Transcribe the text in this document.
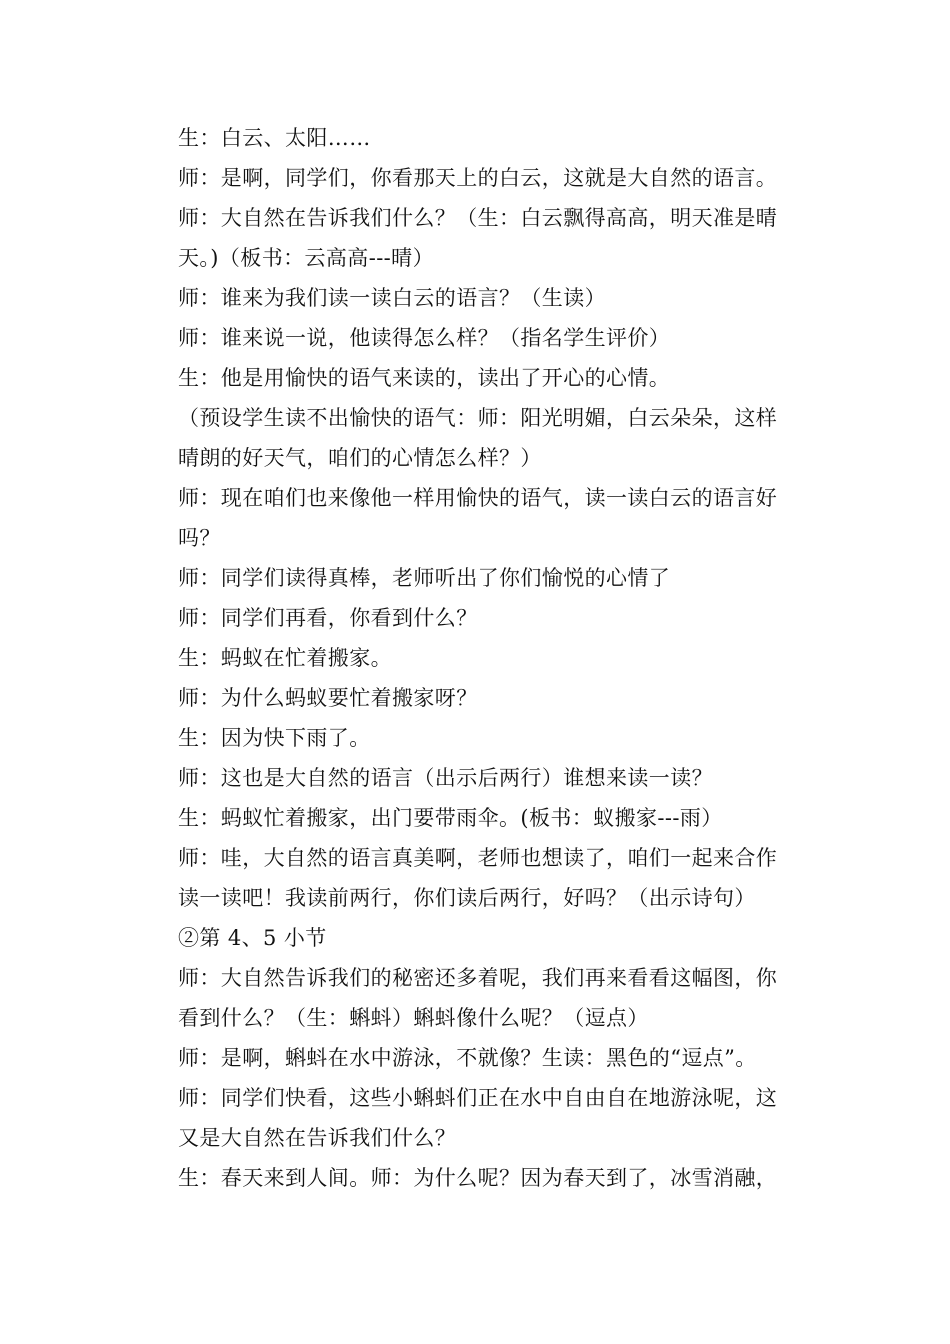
生：白云、太阳……
师：是啊，同学们，你看那天上的白云，这就是大自然的语言。
师：大自然在告诉我们什么？（生：白云飘得高高，明天准是晴
天。)（板书：云高高---晴）
师：谁来为我们读一读白云的语言？（生读）
师：谁来说一说，他读得怎么样？（指名学生评价）
生：他是用愉快的语气来读的，读出了开心的心情。
（预设学生读不出愉快的语气：师：阳光明媚，白云朵朵，这样
晴朗的好天气，咱们的心情怎么样？）
师：现在咱们也来像他一样用愉快的语气，读一读白云的语言好
吗？
师：同学们读得真棒，老师听出了你们愉悦的心情了
师：同学们再看，你看到什么？
生：蚂蚁在忙着搬家。
师：为什么蚂蚁要忙着搬家呀？
生：因为快下雨了。
师：这也是大自然的语言（出示后两行）谁想来读一读？
生：蚂蚁忙着搬家，出门要带雨伞。(板书：蚁搬家---雨）
师：哇，大自然的语言真美啊，老师也想读了，咱们一起来合作
读一读吧！我读前两行，你们读后两行，好吗？（出示诗句）
②第 4、5 小节
师：大自然告诉我们的秘密还多着呢，我们再来看看这幅图，你
看到什么？（生：蝌蚪）蝌蚪像什么呢？（逗点）
师：是啊，蝌蚪在水中游泳，不就像？生读：黑色的“逗点”。
师：同学们快看，这些小蝌蚪们正在水中自由自在地游泳呢，这
又是大自然在告诉我们什么？
生：春天来到人间。师：为什么呢？因为春天到了，冰雪消融，
